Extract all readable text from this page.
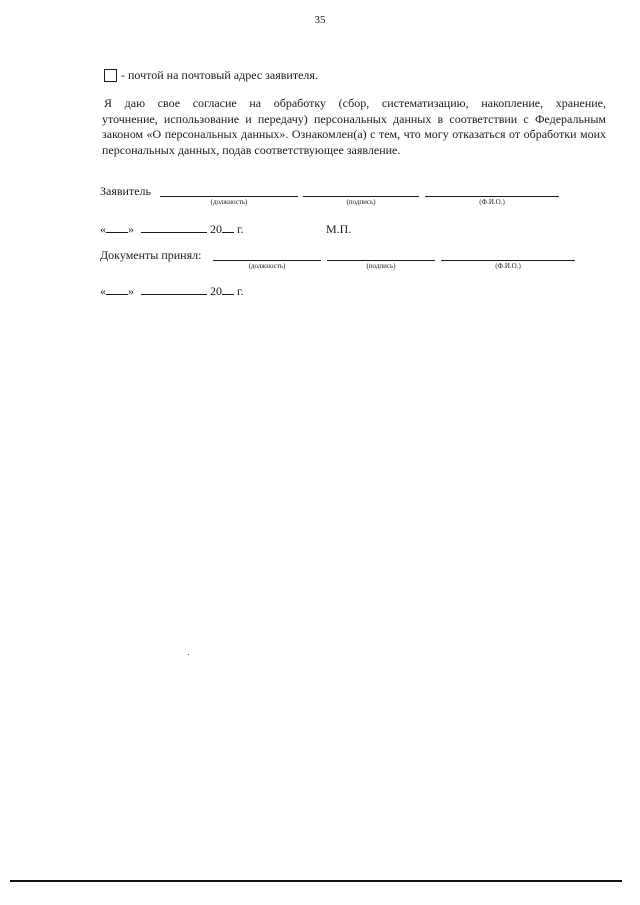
35
- почтой на почтовый адрес заявителя.
Я даю свое согласие на обработку (сбор, систематизацию, накопление, хранение,
уточнение, использование и передачу) персональных данных в соответствии с Федеральным
законом «О персональных данных». Ознакомлен(а) с тем, что могу отказаться от обработки моих
персональных данных, подав соответствующее заявление.
Заявитель
(должность)	(подпись)	(Ф.И.О.)
« »	20 г.	М.П.
Документы принял:
(должность)	(подпись)	(Ф.И.О.)
« »	20 г.
